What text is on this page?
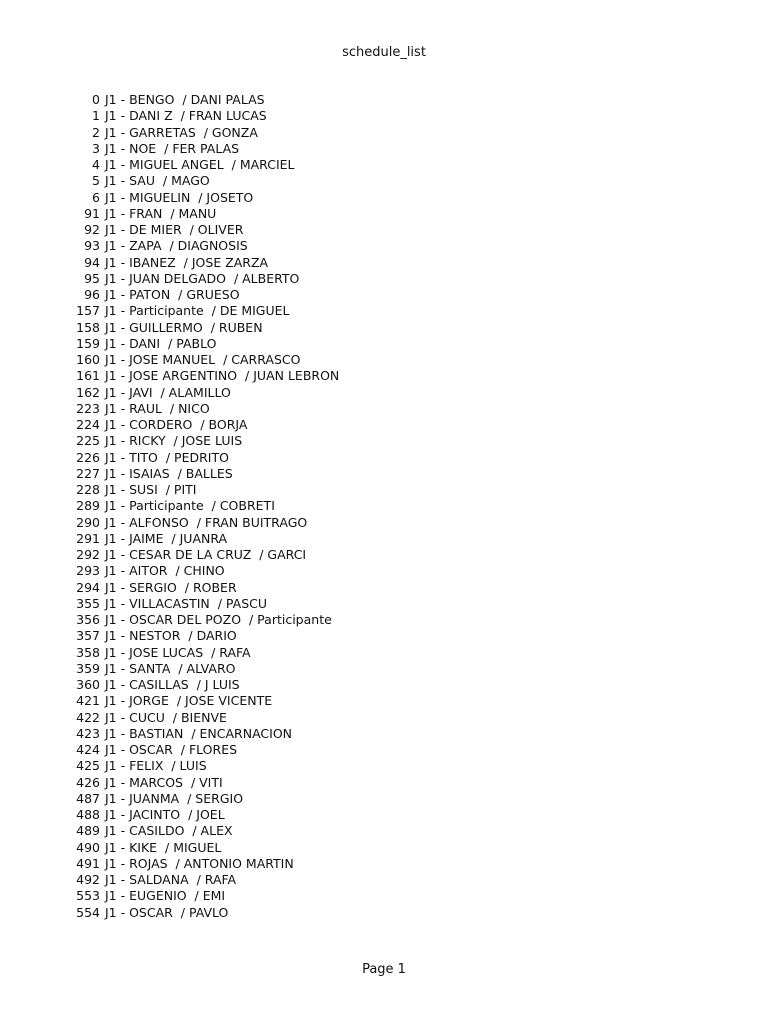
schedule_list
0 J1 - BENGO  / DANI PALAS
1 J1 - DANI Z  / FRAN LUCAS
2 J1 - GARRETAS  / GONZA
3 J1 - NOE  / FER PALAS
4 J1 - MIGUEL ANGEL  / MARCIEL
5 J1 - SAU  / MAGO
6 J1 - MIGUELIN  / JOSETO
91 J1 - FRAN  / MANU
92 J1 - DE MIER  / OLIVER
93 J1 - ZAPA  / DIAGNOSIS
94 J1 - IBANEZ  / JOSE ZARZA
95 J1 - JUAN DELGADO  / ALBERTO
96 J1 - PATON  / GRUESO
157 J1 - Participante  / DE MIGUEL
158 J1 - GUILLERMO  / RUBEN
159 J1 - DANI  / PABLO
160 J1 - JOSE MANUEL  / CARRASCO
161 J1 - JOSE ARGENTINO  / JUAN LEBRON
162 J1 - JAVI  / ALAMILLO
223 J1 - RAUL  / NICO
224 J1 - CORDERO  / BORJA
225 J1 - RICKY  / JOSE LUIS
226 J1 - TITO  / PEDRITO
227 J1 - ISAIAS  / BALLES
228 J1 - SUSI  / PITI
289 J1 - Participante  / COBRETI
290 J1 - ALFONSO  / FRAN BUITRAGO
291 J1 - JAIME  / JUANRA
292 J1 - CESAR DE LA CRUZ  / GARCI
293 J1 - AITOR  / CHINO
294 J1 - SERGIO  / ROBER
355 J1 - VILLACASTIN  / PASCU
356 J1 - OSCAR DEL POZO  / Participante
357 J1 - NESTOR  / DARIO
358 J1 - JOSE LUCAS  / RAFA
359 J1 - SANTA  / ALVARO
360 J1 - CASILLAS  / J LUIS
421 J1 - JORGE  / JOSE VICENTE
422 J1 - CUCU  / BIENVE
423 J1 - BASTIAN  / ENCARNACION
424 J1 - OSCAR  / FLORES
425 J1 - FELIX  / LUIS
426 J1 - MARCOS  / VITI
487 J1 - JUANMA  / SERGIO
488 J1 - JACINTO  / JOEL
489 J1 - CASILDO  / ALEX
490 J1 - KIKE  / MIGUEL
491 J1 - ROJAS  / ANTONIO MARTIN
492 J1 - SALDANA  / RAFA
553 J1 - EUGENIO  / EMI
554 J1 - OSCAR  / PAVLO
Page 1
